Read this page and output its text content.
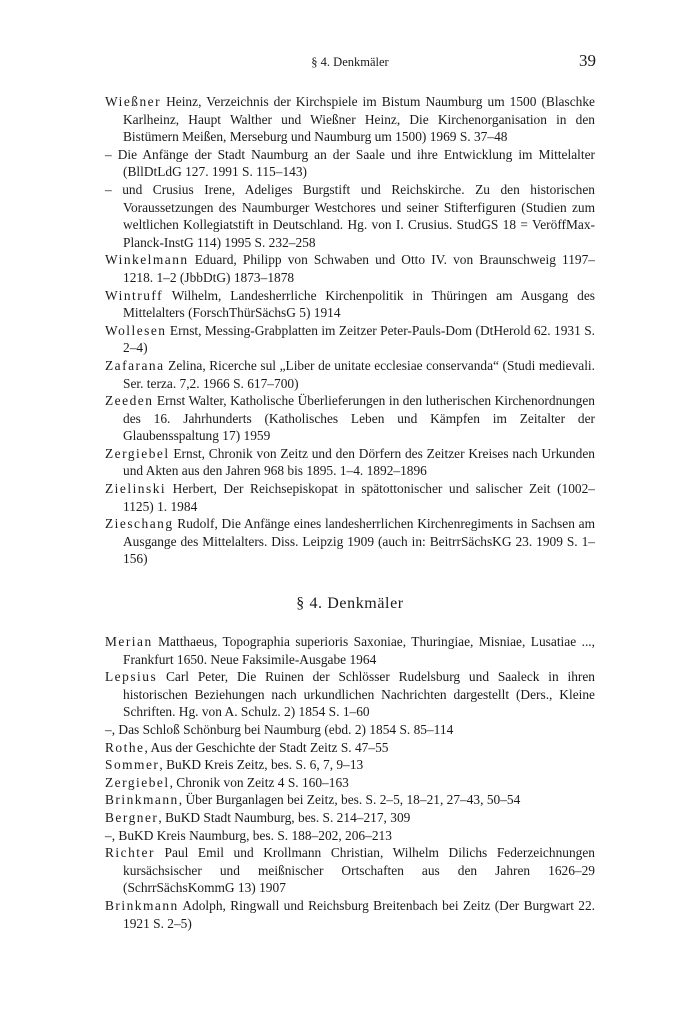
§ 4. Denkmäler	39
Wießner Heinz, Verzeichnis der Kirchspiele im Bistum Naumburg um 1500 (Blaschke Karlheinz, Haupt Walther und Wießner Heinz, Die Kirchenorganisation in den Bistümern Meißen, Merseburg und Naumburg um 1500) 1969 S. 37–48
– Die Anfänge der Stadt Naumburg an der Saale und ihre Entwicklung im Mittelalter (BllDtLdG 127. 1991 S. 115–143)
– und Crusius Irene, Adeliges Burgstift und Reichskirche. Zu den historischen Voraussetzungen des Naumburger Westchores und seiner Stifterfiguren (Studien zum weltlichen Kollegiatstift in Deutschland. Hg. von I. Crusius. StudGS 18 = VeröffMax-Planck-InstG 114) 1995 S. 232–258
Winkelmann Eduard, Philipp von Schwaben und Otto IV. von Braunschweig 1197–1218. 1–2 (JbbDtG) 1873–1878
Wintruff Wilhelm, Landesherrliche Kirchenpolitik in Thüringen am Ausgang des Mittelalters (ForschThürSächsG 5) 1914
Wollesen Ernst, Messing-Grabplatten im Zeitzer Peter-Pauls-Dom (DtHerold 62. 1931 S. 2–4)
Zafarana Zelina, Ricerche sul „Liber de unitate ecclesiae conservanda“ (Studi medievali. Ser. terza. 7,2. 1966 S. 617–700)
Zeeden Ernst Walter, Katholische Überlieferungen in den lutherischen Kirchenordnungen des 16. Jahrhunderts (Katholisches Leben und Kämpfen im Zeitalter der Glaubensspaltung 17) 1959
Zergiebel Ernst, Chronik von Zeitz und den Dörfern des Zeitzer Kreises nach Urkunden und Akten aus den Jahren 968 bis 1895. 1–4. 1892–1896
Zielinski Herbert, Der Reichsepiskopat in spätottonischer und salischer Zeit (1002–1125) 1. 1984
Zieschang Rudolf, Die Anfänge eines landesherrlichen Kirchenregiments in Sachsen am Ausgange des Mittelalters. Diss. Leipzig 1909 (auch in: BeitrrSächsKG 23. 1909 S. 1–156)
§ 4. Denkmäler
Merian Matthaeus, Topographia superioris Saxoniae, Thuringiae, Misniae, Lusatiae ..., Frankfurt 1650. Neue Faksimile-Ausgabe 1964
Lepsius Carl Peter, Die Ruinen der Schlösser Rudelsburg und Saaleck in ihren historischen Beziehungen nach urkundlichen Nachrichten dargestellt (Ders., Kleine Schriften. Hg. von A. Schulz. 2) 1854 S. 1–60
–, Das Schloß Schönburg bei Naumburg (ebd. 2) 1854 S. 85–114
Rothe, Aus der Geschichte der Stadt Zeitz S. 47–55
Sommer, BuKD Kreis Zeitz, bes. S. 6, 7, 9–13
Zergiebel, Chronik von Zeitz 4 S. 160–163
Brinkmann, Über Burganlagen bei Zeitz, bes. S. 2–5, 18–21, 27–43, 50–54
Bergner, BuKD Stadt Naumburg, bes. S. 214–217, 309
–, BuKD Kreis Naumburg, bes. S. 188–202, 206–213
Richter Paul Emil und Krollmann Christian, Wilhelm Dilichs Federzeichnungen kursächsischer und meißnischer Ortschaften aus den Jahren 1626–29 (SchrrSächsKommG 13) 1907
Brinkmann Adolph, Ringwall und Reichsburg Breitenbach bei Zeitz (Der Burgwart 22. 1921 S. 2–5)
